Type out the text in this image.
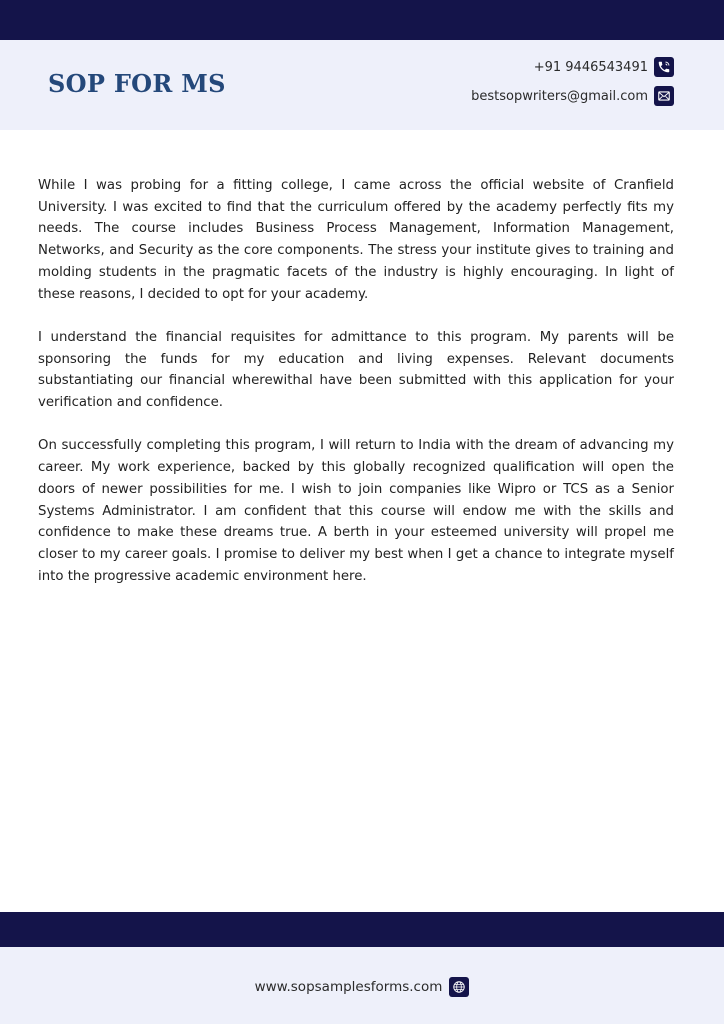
SOP FOR MS
+91 9446543491
bestsopwriters@gmail.com

While I was probing for a fitting college, I came across the official website of Cranfield University. I was excited to find that the curriculum offered by the academy perfectly fits my needs. The course includes Business Process Management, Information Management, Networks, and Security as the core components. The stress your institute gives to training and molding students in the pragmatic facets of the industry is highly encouraging. In light of these reasons, I decided to opt for your academy.

I understand the financial requisites for admittance to this program. My parents will be sponsoring the funds for my education and living expenses. Relevant documents substantiating our financial wherewithal have been submitted with this application for your verification and confidence.

On successfully completing this program, I will return to India with the dream of advancing my career. My work experience, backed by this globally recognized qualification will open the doors of newer possibilities for me. I wish to join companies like Wipro or TCS as a Senior Systems Administrator. I am confident that this course will endow me with the skills and confidence to make these dreams true. A berth in your esteemed university will propel me closer to my career goals. I promise to deliver my best when I get a chance to integrate myself into the progressive academic environment here.

www.sopsamplesforms.com
